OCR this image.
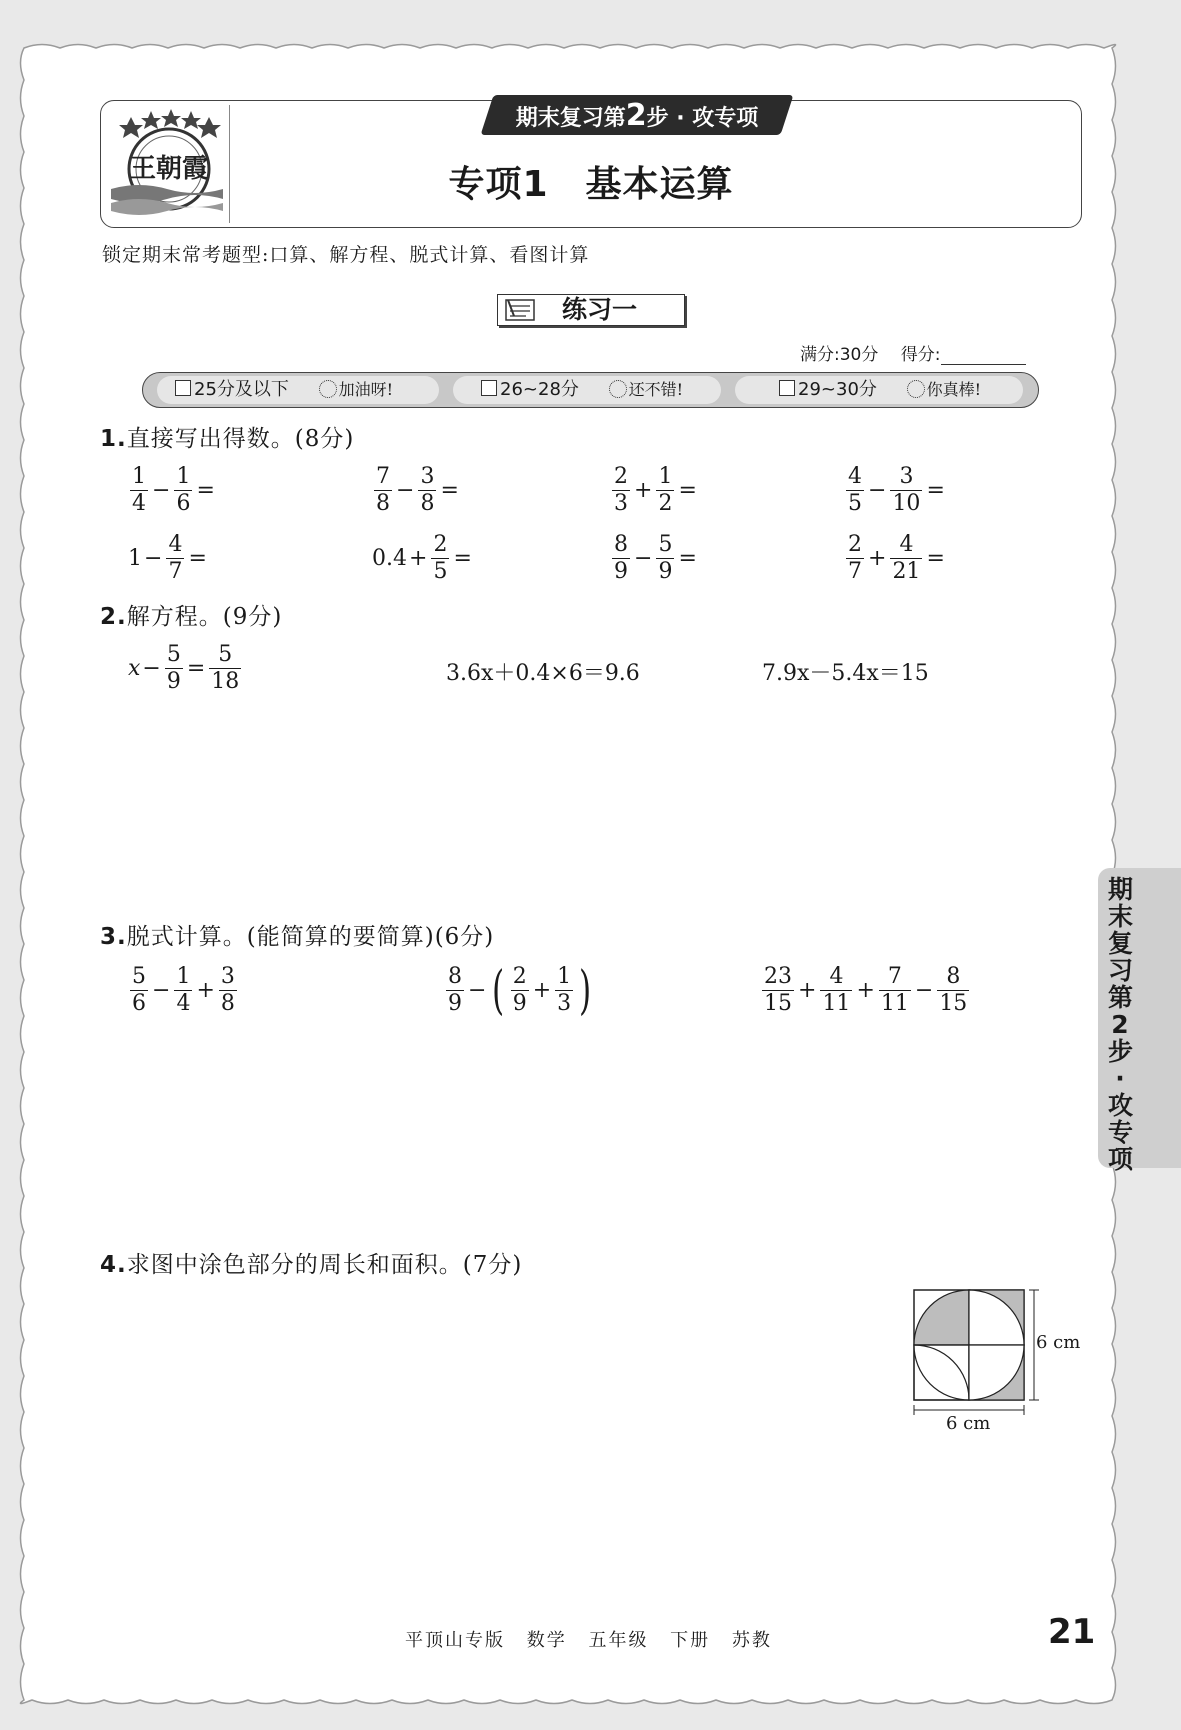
王朝霞
期末复习第2步 · 攻专项
专项1　基本运算
锁定期末常考题型:口算、解方程、脱式计算、看图计算
练习一
满分:30分　 得分:
25分及以下	加油呀!	26~28分	还不错!	29~30分	你真棒!
1.直接写出得数。(8分)
$\frac{1}{4} - \frac{1}{6}$ =	$\frac{7}{8} - \frac{3}{8}$ =	$\frac{2}{3} + \frac{1}{2}$ =	$\frac{4}{5} - \frac{3}{10}$ =
$1 - \frac{4}{7}$ =	$0.4 + \frac{2}{5}$ =	$\frac{8}{9} - \frac{5}{9}$ =	$\frac{2}{7} + \frac{4}{21}$ =
2.解方程。(9分)
$x - \frac{5}{9} = \frac{5}{18}$	3.6x＋0.4×6＝9.6	7.9x－5.4x＝15
3.脱式计算。(能简算的要简算)(6分)
$\frac{5}{6} - \frac{1}{4} + \frac{3}{8}$	$\frac{8}{9}$ − ( $\frac{2}{9} + \frac{1}{3}$ )	$\frac{23}{15} + \frac{4}{11} + \frac{7}{11} - \frac{8}{15}$
4.求图中涂色部分的周长和面积。(7分)
6 cm
6 cm
期末复习第2步·攻专项
平顶山专版 数学 五年级 下册 苏教	21
